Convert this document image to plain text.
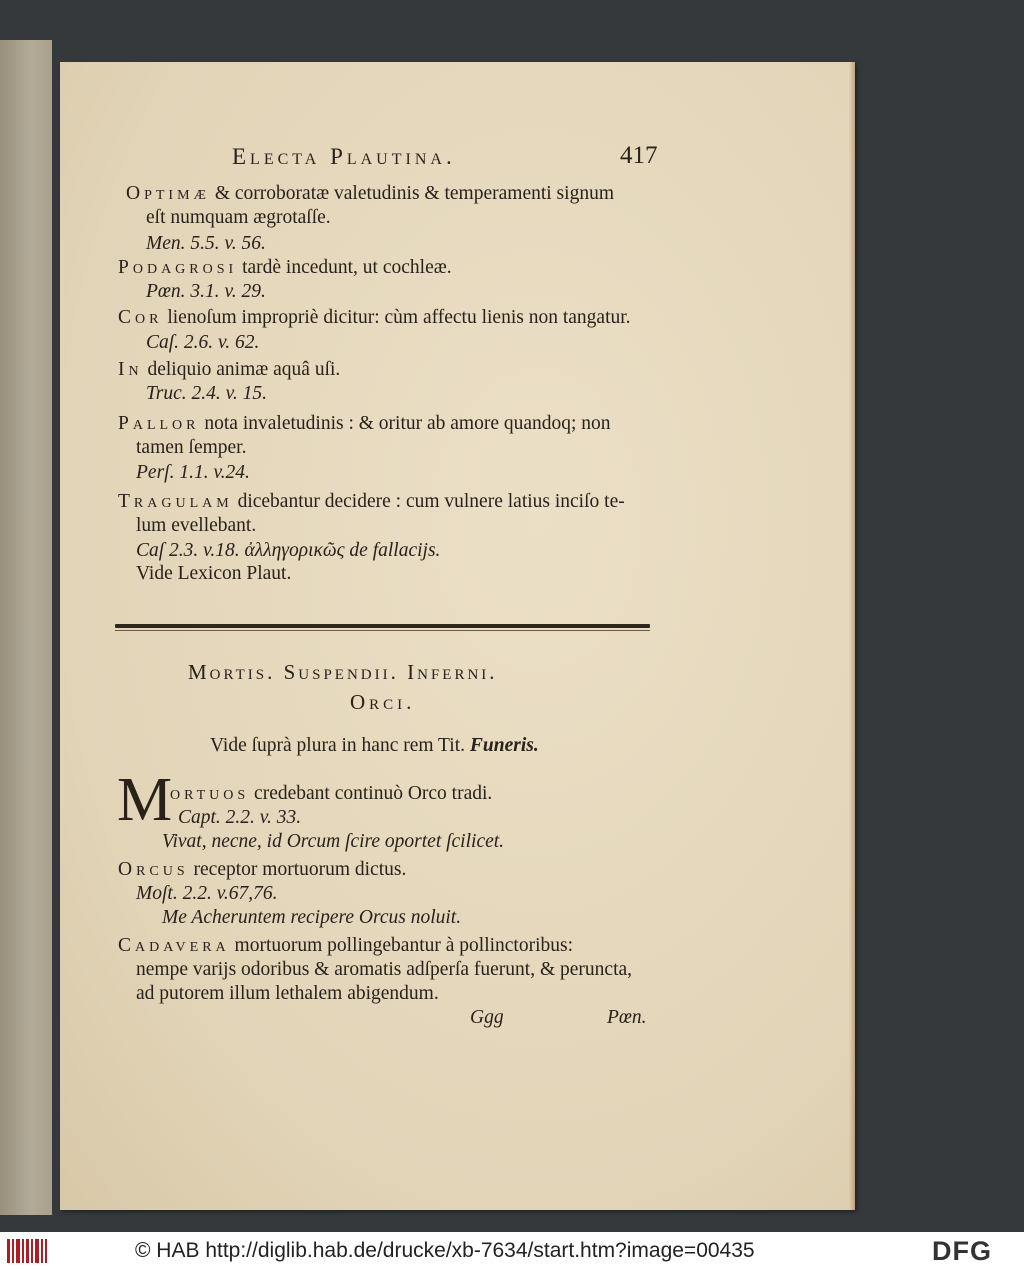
Electa Plautina.	417
Optimæ & corroboratæ valetudinis & temperamenti signum
eſt numquam ægrotaſſe.
Men. 5.5. v. 56.
Podagrosi tardè incedunt, ut cochleæ.
Pœn. 3.1. v. 29.
Cor lienoſum impropriè dicitur: cùm affectu lienis non tangatur.
Caſ. 2.6. v. 62.
In deliquio animæ aquâ uſi.
Truc. 2.4. v. 15.
Pallor nota invaletudinis : & oritur ab amore quandoq; non
tamen ſemper.
Perſ. 1.1. v.24.
Tragulam dicebantur decidere : cum vulnere latius inciſo te-
lum evellebant.
Caſ 2.3. v.18. ἀλληγορικῶς de fallacijs.
Vide Lexicon Plaut.
Mortis. Suspendii. Inferni.
Orci.
Vide ſuprà plura in hanc rem Tit. Funeris.
M
ortuos credebant continuò Orco tradi.
Capt. 2.2. v. 33.
Vivat, necne, id Orcum ſcire oportet ſcilicet.
Orcus receptor mortuorum dictus.
Moſt. 2.2. v.67,76.
Me Acheruntem recipere Orcus noluit.
Cadavera mortuorum pollingebantur à pollinctoribus:
nempe varijs odoribus & aromatis adſperſa fuerunt, & peruncta,
ad putorem illum lethalem abigendum.
Ggg	Pœn.
© HAB http://diglib.hab.de/drucke/xb-7634/start.htm?image=00435	DFG
